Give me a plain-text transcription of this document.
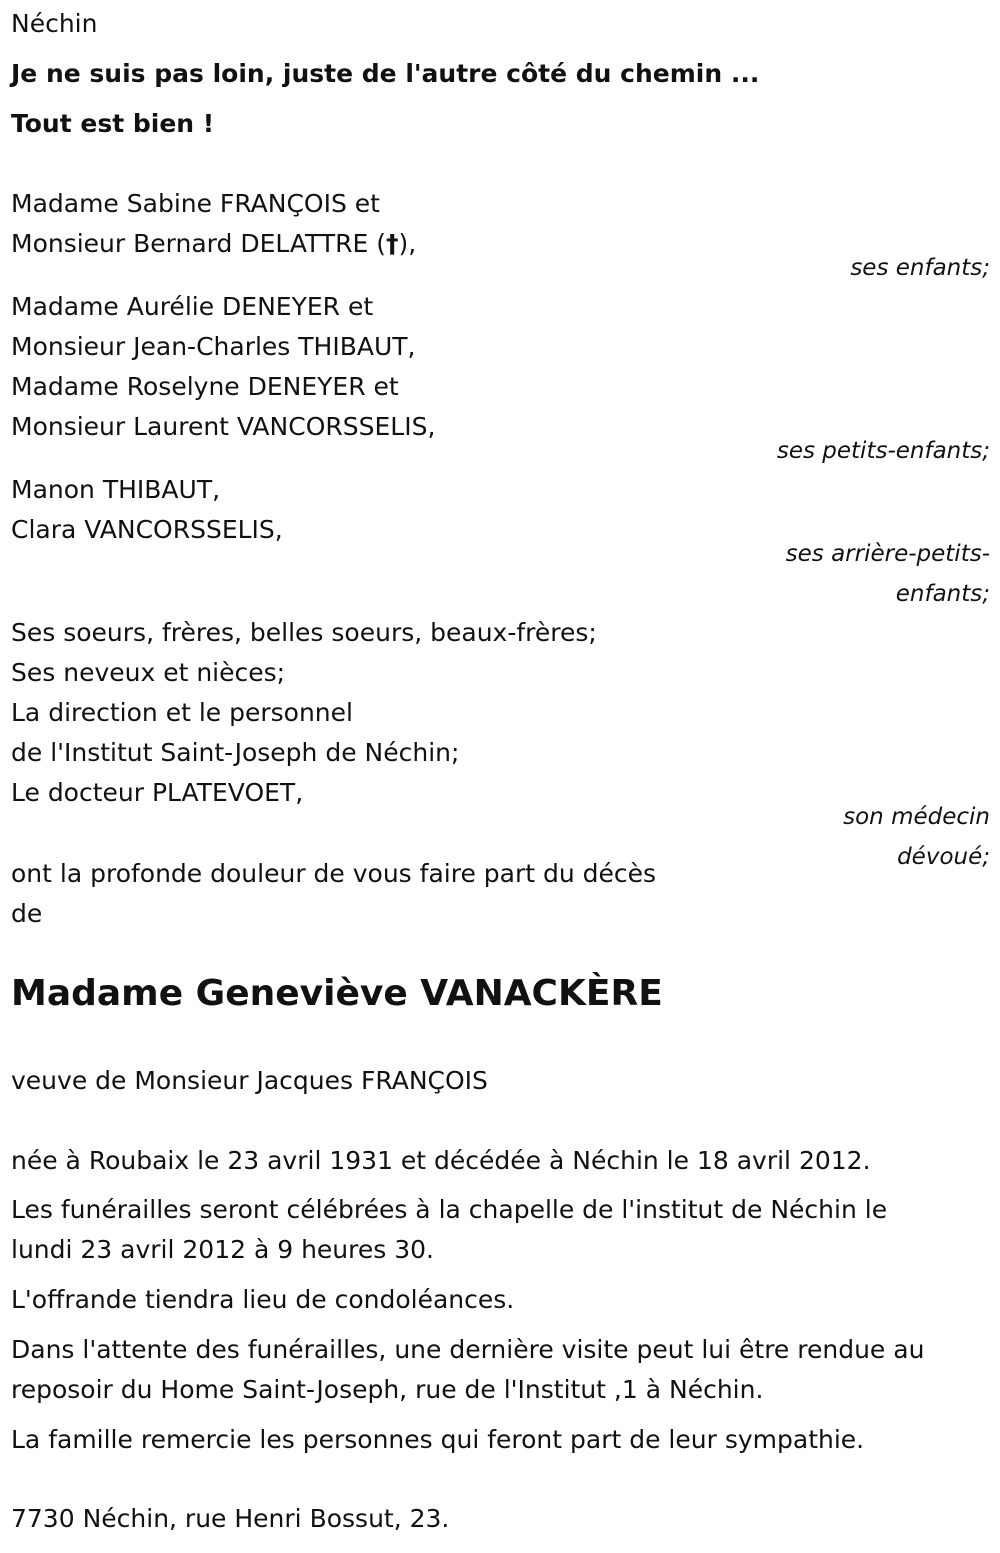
Néchin
Je ne suis pas loin, juste de l'autre côté du chemin ...
Tout est bien !
Madame Sabine FRANÇOIS et
Monsieur Bernard DELATTRE (†),
ses enfants;
Madame Aurélie DENEYER et
Monsieur Jean-Charles THIBAUT,
Madame Roselyne DENEYER et
Monsieur Laurent VANCORSSELIS,
ses petits-enfants;
Manon THIBAUT,
Clara VANCORSSELIS,
ses arrière-petits-
enfants;
Ses soeurs, frères, belles soeurs, beaux-frères;
Ses neveux et nièces;
La direction et le personnel
de l'Institut Saint-Joseph de Néchin;
Le docteur PLATEVOET,
son médecin
dévoué;
ont la profonde douleur de vous faire part du décès
de
Madame Geneviève VANACKÈRE
veuve de Monsieur Jacques FRANÇOIS
née à Roubaix le 23 avril 1931 et décédée à Néchin le 18 avril 2012.
Les funérailles seront célébrées à la chapelle de l'institut de Néchin le
lundi 23 avril 2012 à 9 heures 30.
L'offrande tiendra lieu de condoléances.
Dans l'attente des funérailles, une dernière visite peut lui être rendue au
reposoir du Home Saint-Joseph, rue de l'Institut ,1 à Néchin.
La famille remercie les personnes qui feront part de leur sympathie.
7730 Néchin, rue Henri Bossut, 23.
